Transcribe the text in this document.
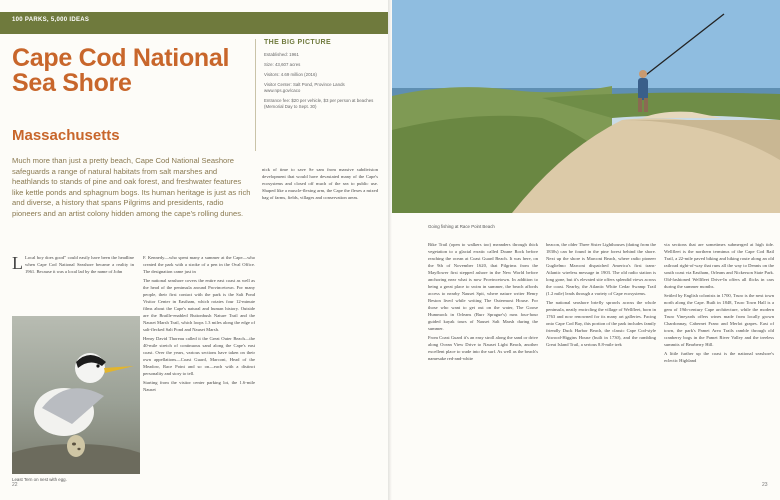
100 PARKS, 5,000 IDEAS
Cape Cod National Sea Shore
Massachusetts
THE BIG PICTURE
Established: 1961
Size: 43,607 acres
Visitors: 4.69 million (2016)
Visitor Center: Salt Pond, Province Lands www.nps.gov/caco
Entrance fee: $20 per vehicle, $3 per person at beaches (Memorial Day to Sept. 30)
Much more than just a pretty beach, Cape Cod National Seashore safeguards a range of natural habitats from salt marshes and heathlands to stands of pine and oak forest, and freshwater features like kettle ponds and sphagnum bogs. Its human heritage is just as rich and diverse, a history that spans Pilgrims and presidents, radio pioneers and an artist colony hidden among the cape's rolling dunes.
L Local boy does good” could easily have been the headline when Cape Cod National Seashore became a reality in 1961. Because it was a local lad by the name of John
F. Kennedy—who spent many a summer at the Cape—who created the park with a stroke of a pen in the Oval Office. The designation came just in
The national seashore covers the entire east coast as well as the head of the peninsula around Provincetown. For many people, their first contact with the park is the Salt Pond Visitor Center in Eastham, which rotates four 12-minute films about the Cape's natural and human history. Outside are the Braille-enabled Buttonbush Nature Trail and the Nauset Marsh Trail, which loops 1.3 miles along the edge of salt-flecked Salt Pond and Nauset Marsh.
Henry David Thoreau called it the Great Outer Beach—the 40-mile stretch of continuous sand along the Cape's east coast. Over the years, various sections have taken on their own appellations—Coast Guard, Marconi, Head of the Meadow, Race Point and so on—each with a distinct personality and story to tell.
Starting from the visitor center parking lot, the 1.6-mile Nauset
nick of time to save Se sam from massive subdivision development that would have devastated many of the Cape's ecosystems and closed off much of the sea to public use. Shaped like a muscle-flexing arm, the Cape the flexes a mixed bag of farms, fields, villages and conservation areas.
Least Tern on nest with egg.
22
Going fishing at Race Point Beach
Bike Trail (open to walkers too) meanders through thick vegetation to a glacial erratic called Doane Rock before reaching the ocean at Coast Guard Beach. It was here, on the 9th of November 1620, that Pilgrims from the Mayflower first stepped ashore in the New World before anchoring near what is now Provincetown. In addition to being a great place to swim in summer, the beach affords access to nearby Nauset Spit, where nature writer Henry Beston lived while writing The Outermost House. For those who want to get out on the water, The Goose Hummock in Orleans (Burr Sprague's) runs four-hour guided kayak tours of Nauset Salt Marsh during the summer.
From Coast Guard it's an easy stroll along the sand or drive along Ocean View Drive to Nauset Light Beach, another excellent place to wade into the surf. As well as the beach's namesake red-and-white
beacon, the older Three Sister Lighthouses (dating from the 1830s) can be found in the pine forest behind the shore. Next up the shore is Marconi Beach, where radio pioneer Guglielmo Marconi dispatched America's first trans-Atlantic wireless message in 1903. The old radio station is long gone, but it's elevated site offers splendid views across the coast. Nearby, the Atlantic White Cedar Swamp Trail (1.2 mile) leads through a variety of Cape ecosystems.
The national seashore briefly sprawls across the whole peninsula, neatly encircling the village of Wellfleet, born in 1763 and now renowned for its many art galleries. Facing onto Cape Cod Bay, this portion of the park includes family friendly Duck Harbor Beach, the classic Cape Cod-style Atwood-Higgins House (built in 1730), and the rambling Great Island Trail, a serious 8.8-mile trek
via sections that are sometimes submerged at high tide. Wellfleet is the northern terminus of the Cape Cod Rail Trail, a 22-mile paved biking and hiking route along an old railroad right-of-way that runs all the way to Dennis on the south coast via Eastham, Orleans and Nickerson State Park. Old-fashioned Wellfleet Drive-In offers all flicks in cars during the summer months.
Settled by English colonists in 1700, Truro is the next town north along the Cape. Built in 1848, Truro Town Hall is a gem of 19th-century Cape architecture, while the modern Truro Vineyards offers wines made from locally grown Chardonnay, Cabernet Franc and Merlot grapes. East of town, the park's Pamet Area Trails ramble through old cranberry bogs in the Pamet River Valley and the treeless summits of Bearberry Hill.
A little further up the coast is the national seashore's eclectic Highland
23
